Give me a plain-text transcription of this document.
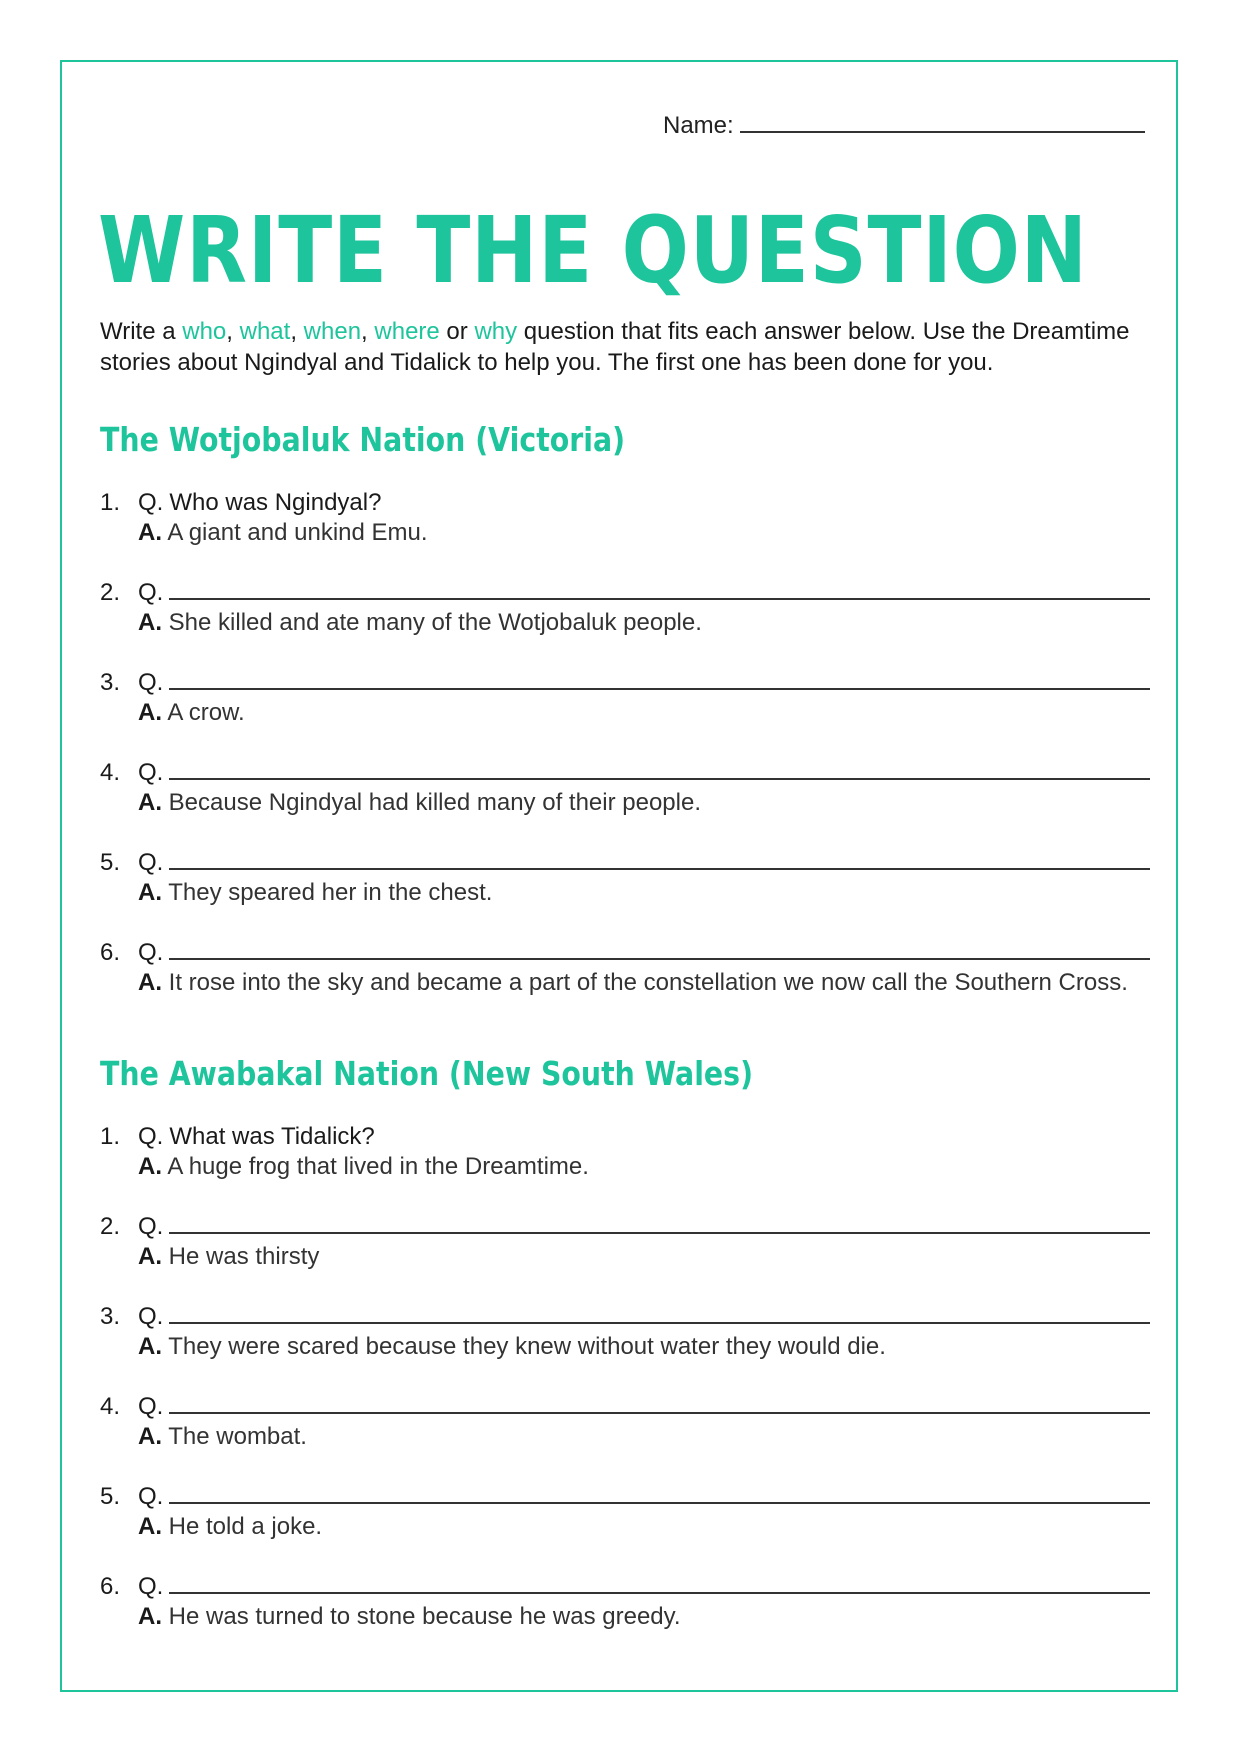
Name:
WRITE THE QUESTION

Write a who, what, when, where or why question that fits each answer below. Use the Dreamtime stories about Ngindyal and Tidalick to help you. The first one has been done for you.

The Wotjobaluk Nation (Victoria)
1. Q. Who was Ngindyal?
A. A giant and unkind Emu.
2. Q.
A. She killed and ate many of the Wotjobaluk people.
3. Q.
A. A crow.
4. Q.
A. Because Ngindyal had killed many of their people.
5. Q.
A. They speared her in the chest.
6. Q.
A. It rose into the sky and became a part of the constellation we now call the Southern Cross.
The Awabakal Nation (New South Wales)
1. Q. What was Tidalick?
A. A huge frog that lived in the Dreamtime.
2. Q.
A. He was thirsty
3. Q.
A. They were scared because they knew without water they would die.
4. Q.
A. The wombat.
5. Q.
A. He told a joke.
6. Q.
A. He was turned to stone because he was greedy.
